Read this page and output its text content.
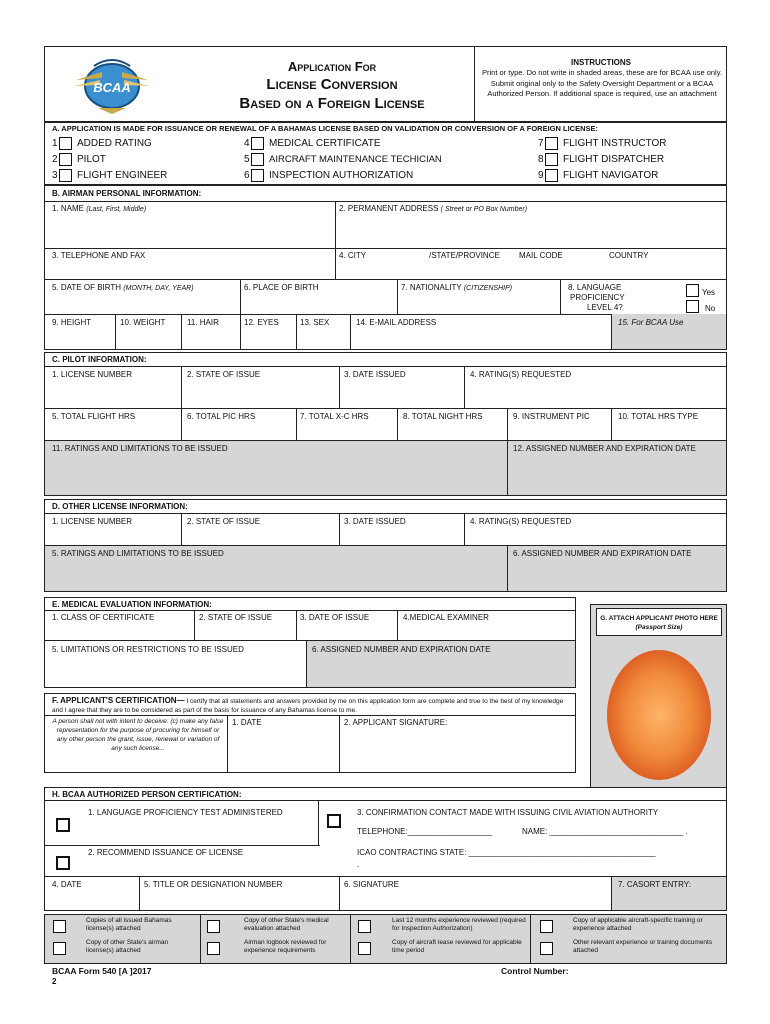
BCAA
Application For
License Conversion
Based on a Foreign License
INSTRUCTIONS
Print or type. Do not write in shaded areas, these are for BCAA use only. Submit original only to the Safety Oversight Department or a BCAA Authorized Person. If additional space is required, use an attachment
A. APPLICATION IS MADE FOR ISSUANCE OR RENEWAL OF A BAHAMAS LICENSE BASED ON VALIDATION OR CONVERSION OF A FOREIGN LICENSE:
1 ADDED RATING
2 PILOT
3 FLIGHT ENGINEER
4 MEDICAL CERTIFICATE
5 AIRCRAFT MAINTENANCE TECHICIAN
6 INSPECTION AUTHORIZATION
7 FLIGHT INSTRUCTOR
8 FLIGHT DISPATCHER
9 FLIGHT NAVIGATOR
B. AIRMAN PERSONAL INFORMATION:
1. NAME (Last, First, Middle)	2. PERMANENT ADDRESS ( Street or PO Box Number)
3. TELEPHONE AND FAX	4. CITY	/STATE/PROVINCE MAIL CODE	COUNTRY
5. DATE OF BIRTH (MONTH, DAY, YEAR)	6. PLACE OF BIRTH	7. NATIONALITY (CITIZENSHIP)	8. LANGUAGE
PROFICIENCY
LEVEL 4?
Yes
No
9. HEIGHT	10. WEIGHT	11. HAIR	12. EYES	13. SEX	14. E-MAIL ADDRESS	15. For BCAA Use
C. PILOT INFORMATION:
1. LICENSE NUMBER	2. STATE OF ISSUE	3. DATE ISSUED	4. RATING(S) REQUESTED
5. TOTAL FLIGHT HRS	6. TOTAL PIC HRS	7. TOTAL X-C HRS	8. TOTAL NIGHT HRS	9. INSTRUMENT PIC	10. TOTAL HRS TYPE
11. RATINGS AND LIMITATIONS TO BE ISSUED	12. ASSIGNED NUMBER AND EXPIRATION DATE
D. OTHER LICENSE INFORMATION:
1. LICENSE NUMBER	2. STATE OF ISSUE	3. DATE ISSUED	4. RATING(S) REQUESTED
5. RATINGS AND LIMITATIONS TO BE ISSUED	6. ASSIGNED NUMBER AND EXPIRATION DATE
E. MEDICAL EVALUATION INFORMATION:
1. CLASS OF CERTIFICATE	2. STATE OF ISSUE	3. DATE OF ISSUE	4.MEDICAL EXAMINER
5. LIMITATIONS OR RESTRICTIONS TO BE ISSUED	6. ASSIGNED NUMBER AND EXPIRATION DATE
G. ATTACH APPLICANT PHOTO HERE
(Passport Size)
F. APPLICANT'S CERTIFICATION— I certify that all statements and answers provided by me on this application form are complete and true to the best of my knowledge and I agree that they are to be considered as part of the basis for issuance of any Bahamas license to me.
A person shall not with intent to deceive: (c) make any false representation for the purpose of procuring for himself or any other person the grant, issue, renewal or variation of any such license...
1. DATE	2. APPLICANT SIGNATURE:
H. BCAA AUTHORIZED PERSON CERTIFICATION:
1. LANGUAGE PROFICIENCY TEST ADMINISTERED	3. CONFIRMATION CONTACT MADE WITH ISSUING CIVIL AVIATION AUTHORITY
TELEPHONE:___________________	NAME: ______________________________ .
2. RECOMMEND ISSUANCE OF LICENSE	ICAO CONTRACTING STATE: __________________________________________
.
4. DATE	5. TITLE OR DESIGNATION NUMBER	6. SIGNATURE	7. CASORT ENTRY:
Copies of all issued Bahamas license(s) attached
Copy of other State's airman license(s) attached
Copy of other State's medical evaluation attached
Airman logbook reviewed for experience requirements
Last 12 months experience reviewed (required for Inspection Authorization)
Copy of aircraft lease reviewed for applicable time period
Copy of applicable aircraft-specific training or experience attached
Other relevant experience or training documents attached
BCAA Form 540 [A ]2017	Control Number:
2
